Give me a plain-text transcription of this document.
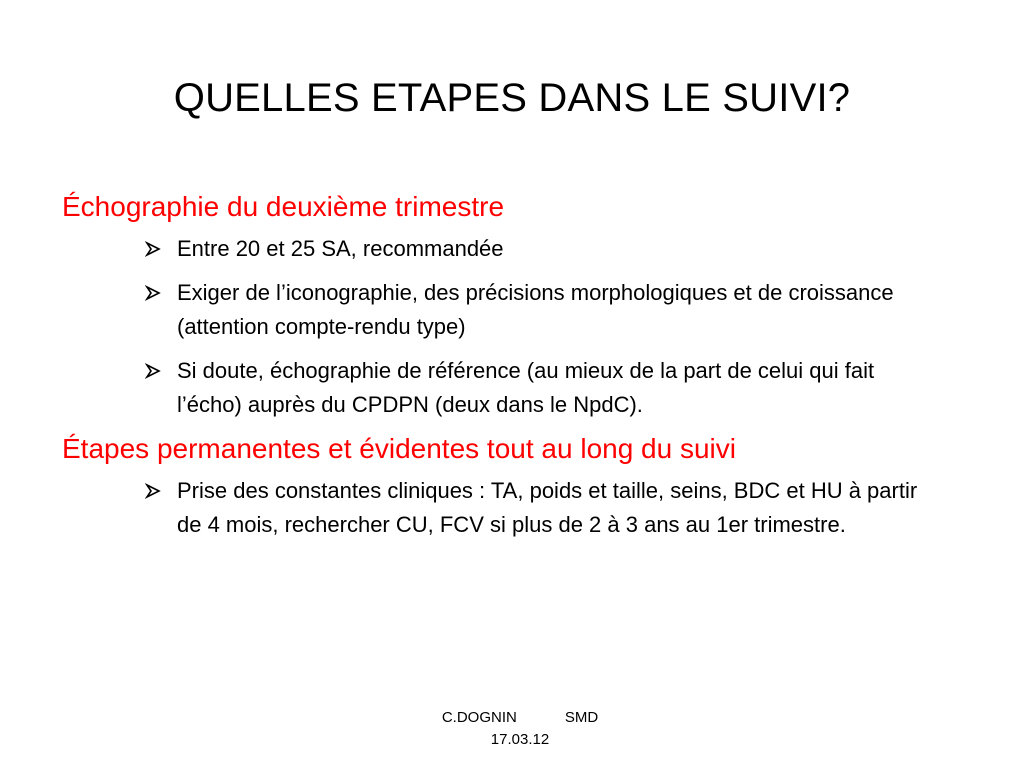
QUELLES ETAPES DANS LE SUIVI?
Échographie du deuxième trimestre
Entre 20 et 25 SA, recommandée
Exiger de l’iconographie, des précisions morphologiques et de croissance (attention compte-rendu type)
Si doute, échographie de référence (au mieux de la part de celui qui fait l’écho) auprès du CPDPN (deux dans le NpdC).
Étapes permanentes et évidentes tout au long du suivi
Prise des constantes cliniques : TA, poids et taille, seins, BDC et HU à partir de 4 mois, rechercher CU, FCV si plus de 2 à 3 ans au 1er trimestre.
C.DOGNIN	SMD
17.03.12
